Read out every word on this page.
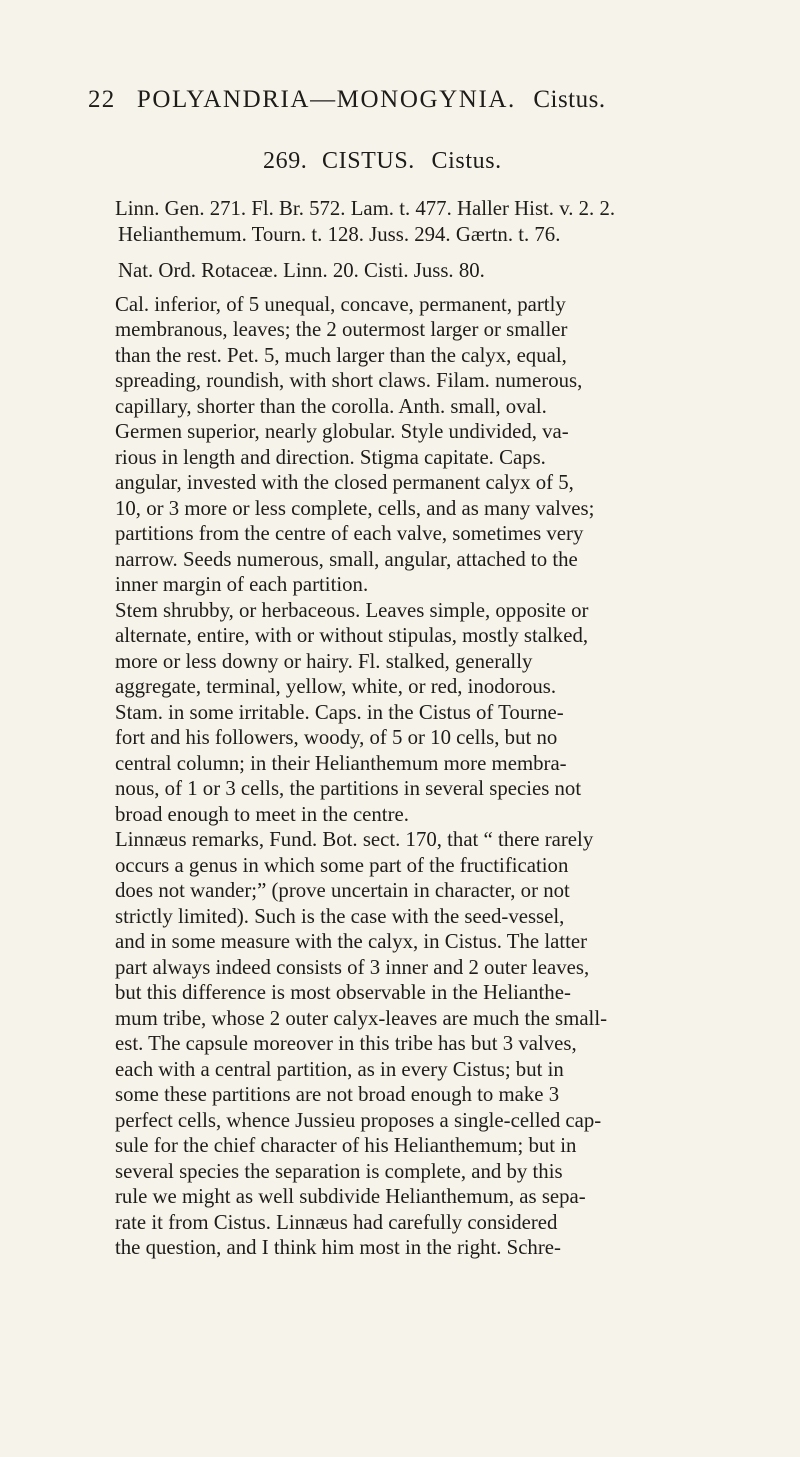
22 POLYANDRIA—MONOGYNIA. Cistus.
269. CISTUS. Cistus.

Linn. Gen. 271. Fl. Br. 572. Lam. t. 477. Haller Hist. v. 2. 2.

Helianthemum. Tourn. t. 128. Juss. 294. Gærtn. t. 76.

Nat. Ord. Rotaceæ. Linn. 20. Cisti. Juss. 80.

Cal. inferior, of 5 unequal, concave, permanent, partly
membranous, leaves; the 2 outermost larger or smaller
than the rest. Pet. 5, much larger than the calyx, equal,
spreading, roundish, with short claws. Filam. numerous,
capillary, shorter than the corolla. Anth. small, oval.
Germen superior, nearly globular. Style undivided, va-
rious in length and direction. Stigma capitate. Caps.
angular, invested with the closed permanent calyx of 5,
10, or 3 more or less complete, cells, and as many valves;
partitions from the centre of each valve, sometimes very
narrow. Seeds numerous, small, angular, attached to the
inner margin of each partition.
Stem shrubby, or herbaceous. Leaves simple, opposite or
alternate, entire, with or without stipulas, mostly stalked,
more or less downy or hairy. Fl. stalked, generally
aggregate, terminal, yellow, white, or red, inodorous.
Stam. in some irritable. Caps. in the Cistus of Tourne-
fort and his followers, woody, of 5 or 10 cells, but no
central column; in their Helianthemum more membra-
nous, of 1 or 3 cells, the partitions in several species not
broad enough to meet in the centre.
Linnæus remarks, Fund. Bot. sect. 170, that “ there rarely
occurs a genus in which some part of the fructification
does not wander;” (prove uncertain in character, or not
strictly limited). Such is the case with the seed-vessel,
and in some measure with the calyx, in Cistus. The latter
part always indeed consists of 3 inner and 2 outer leaves,
but this difference is most observable in the Helianthe-
mum tribe, whose 2 outer calyx-leaves are much the small-
est. The capsule moreover in this tribe has but 3 valves,
each with a central partition, as in every Cistus; but in
some these partitions are not broad enough to make 3
perfect cells, whence Jussieu proposes a single-celled cap-
sule for the chief character of his Helianthemum; but in
several species the separation is complete, and by this
rule we might as well subdivide Helianthemum, as sepa-
rate it from Cistus. Linnæus had carefully considered
the question, and I think him most in the right. Schre-
